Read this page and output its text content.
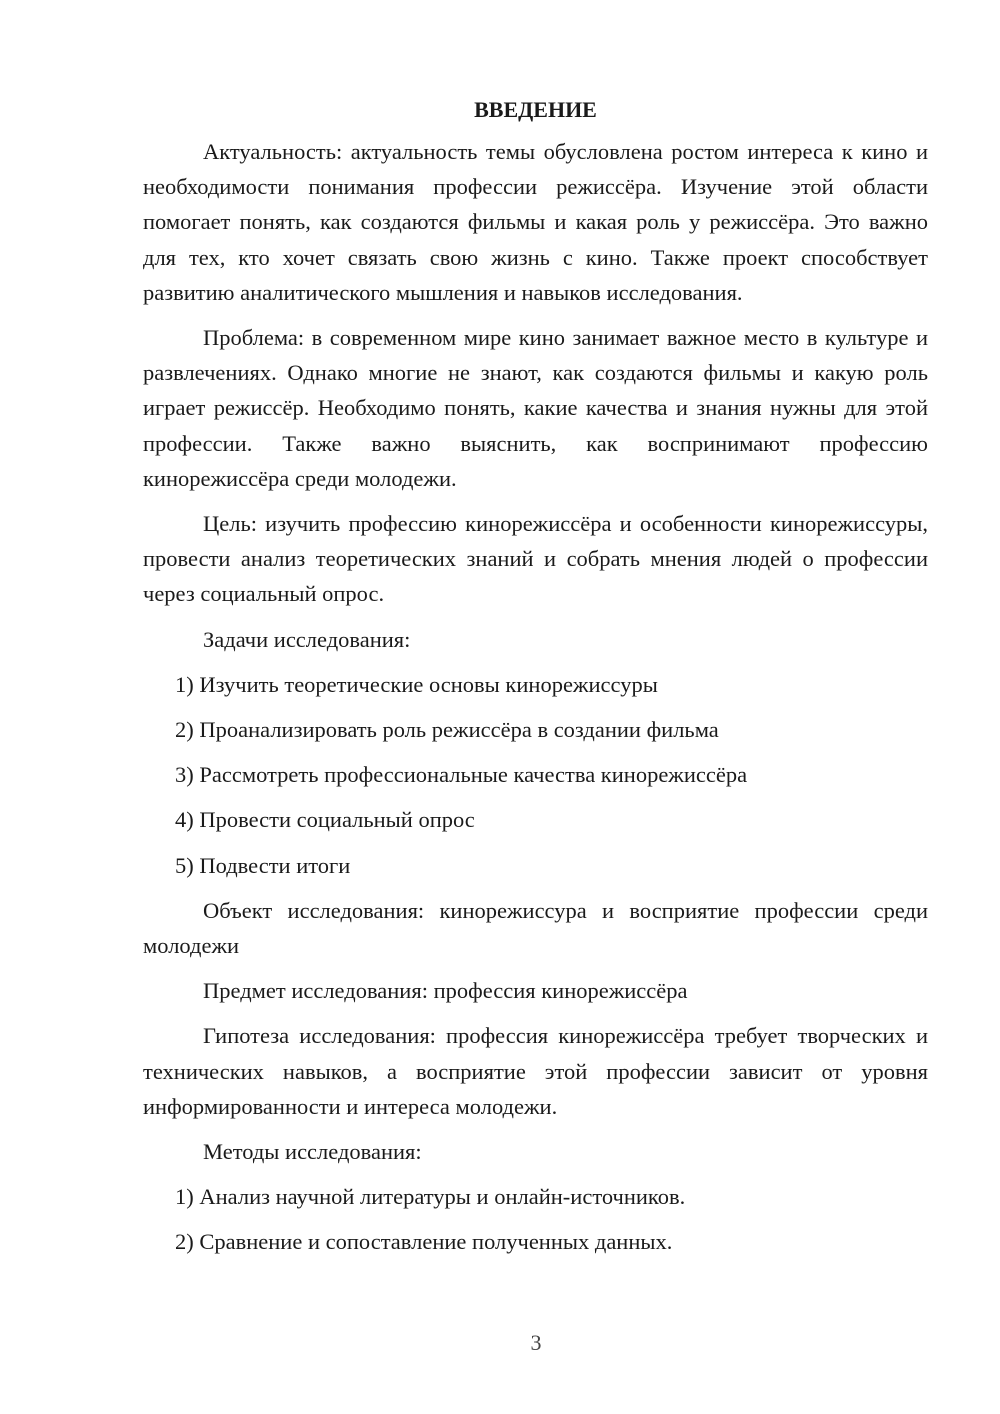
ВВЕДЕНИЕ

Актуальность: актуальность темы обусловлена ростом интереса к кино и необходимости понимания профессии режиссёра. Изучение этой области помогает понять, как создаются фильмы и какая роль у режиссёра. Это важно для тех, кто хочет связать свою жизнь с кино. Также проект способствует развитию аналитического мышления и навыков исследования.

Проблема: в современном мире кино занимает важное место в культуре и развлечениях. Однако многие не знают, как создаются фильмы и какую роль играет режиссёр. Необходимо понять, какие качества и знания нужны для этой профессии. Также важно выяснить, как воспринимают профессию кинорежиссёра среди молодежи.

Цель: изучить профессию кинорежиссёра и особенности кинорежиссуры, провести анализ теоретических знаний и собрать мнения людей о профессии через социальный опрос.

Задачи исследования:

1) Изучить теоретические основы кинорежиссуры
2) Проанализировать роль режиссёра в создании фильма
3) Рассмотреть профессиональные качества кинорежиссёра
4) Провести социальный опрос
5) Подвести итоги

Объект исследования: кинорежиссура и восприятие профессии среди молодежи

Предмет исследования: профессия кинорежиссёра

Гипотеза исследования: профессия кинорежиссёра требует творческих и технических навыков, а восприятие этой профессии зависит от уровня информированности и интереса молодежи.

Методы исследования:

1) Анализ научной литературы и онлайн-источников.
2) Сравнение и сопоставление полученных данных.
3
